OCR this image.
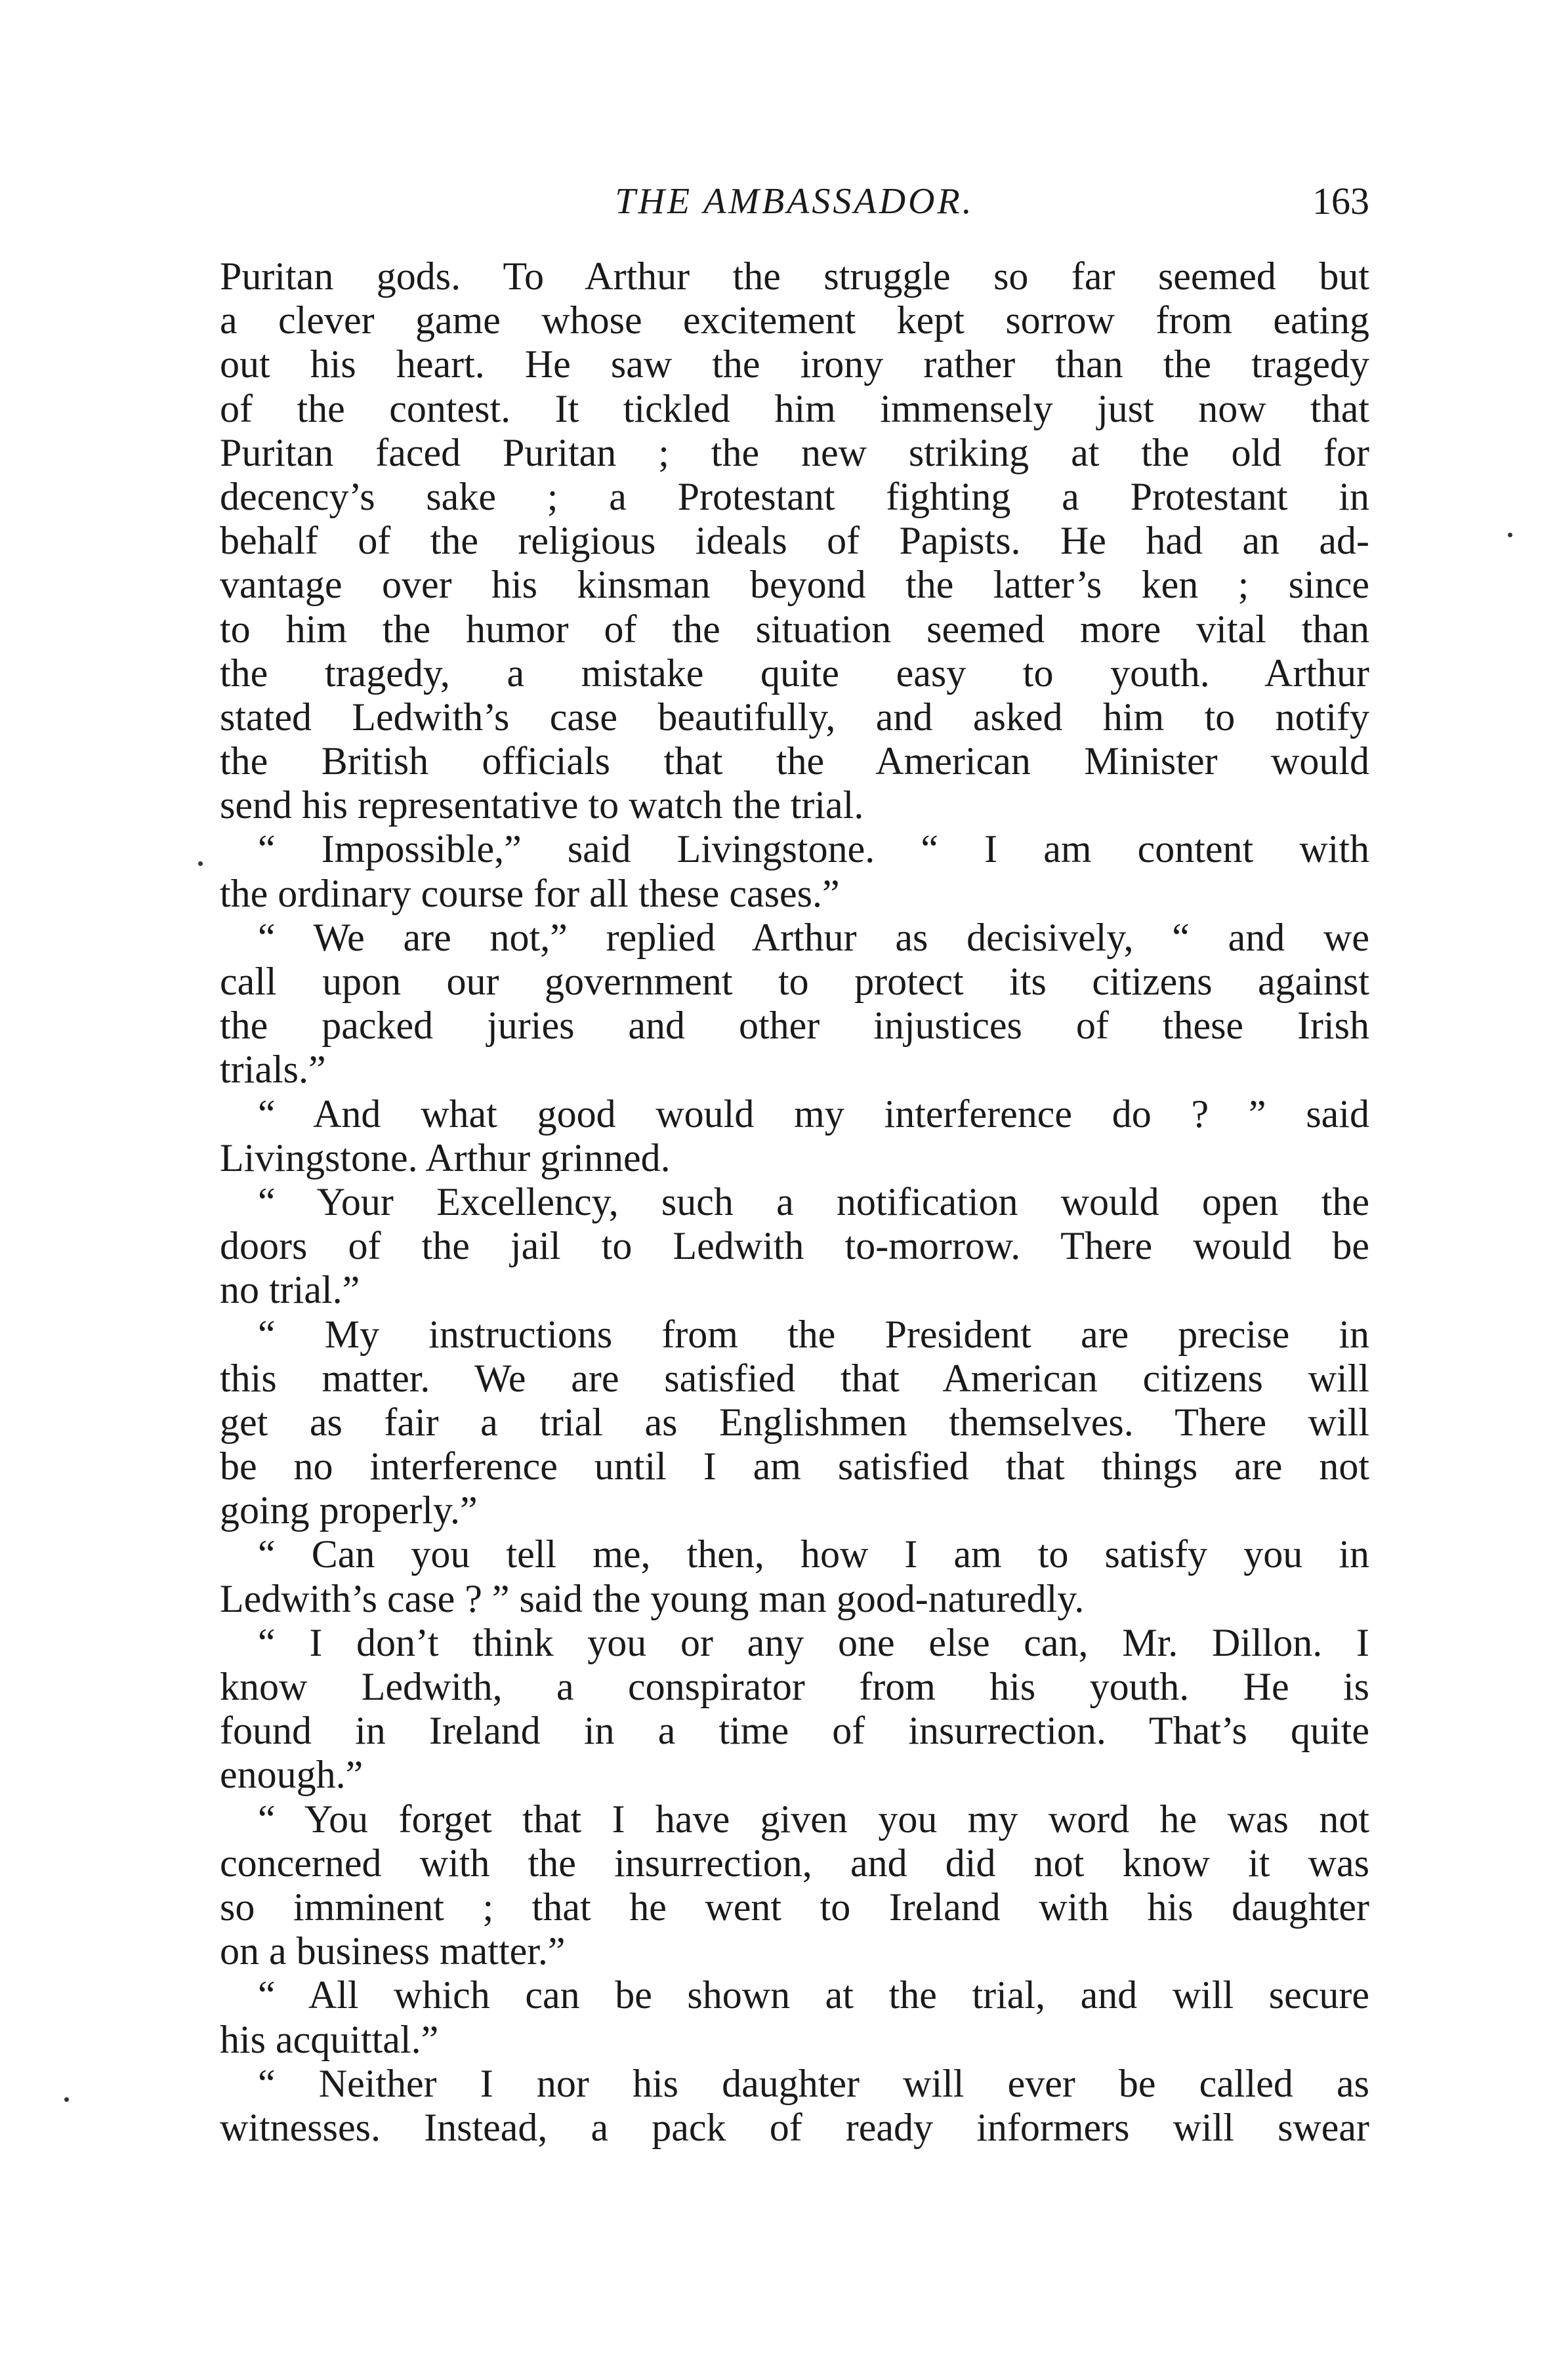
THE AMBASSADOR.	163
Puritan gods. To Arthur the struggle so far seemed but
a clever game whose excitement kept sorrow from eating
out his heart. He saw the irony rather than the tragedy
of the contest. It tickled him immensely just now that
Puritan faced Puritan ; the new striking at the old for
decency’s sake ; a Protestant fighting a Protestant in
behalf of the religious ideals of Papists. He had an ad-
vantage over his kinsman beyond the latter’s ken ; since
to him the humor of the situation seemed more vital than
the tragedy, a mistake quite easy to youth. Arthur
stated Ledwith’s case beautifully, and asked him to notify
the British officials that the American Minister would
send his representative to watch the trial.
“ Impossible,” said Livingstone. “ I am content with
the ordinary course for all these cases.”
“ We are not,” replied Arthur as decisively, “ and we
call upon our government to protect its citizens against
the packed juries and other injustices of these Irish
trials.”
“ And what good would my interference do ? ” said
Livingstone. Arthur grinned.
“ Your Excellency, such a notification would open the
doors of the jail to Ledwith to-morrow. There would be
no trial.”
“ My instructions from the President are precise in
this matter. We are satisfied that American citizens will
get as fair a trial as Englishmen themselves. There will
be no interference until I am satisfied that things are not
going properly.”
“ Can you tell me, then, how I am to satisfy you in
Ledwith’s case ? ” said the young man good-naturedly.
“ I don’t think you or any one else can, Mr. Dillon. I
know Ledwith, a conspirator from his youth. He is
found in Ireland in a time of insurrection. That’s quite
enough.”
“ You forget that I have given you my word he was not
concerned with the insurrection, and did not know it was
so imminent ; that he went to Ireland with his daughter
on a business matter.”
“ All which can be shown at the trial, and will secure
his acquittal.”
“ Neither I nor his daughter will ever be called as
witnesses. Instead, a pack of ready informers will swear
